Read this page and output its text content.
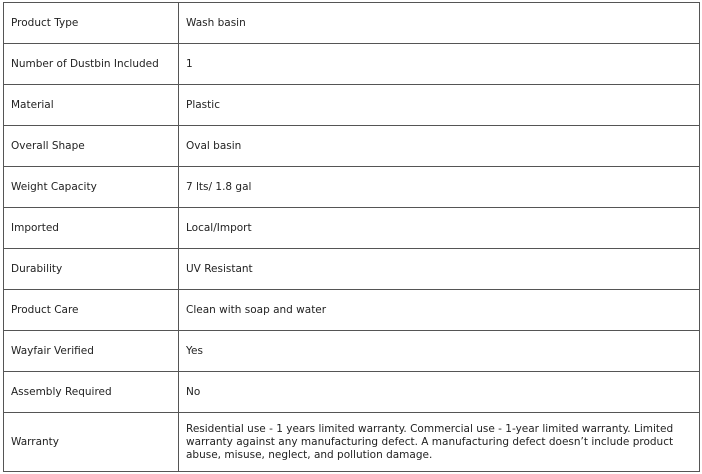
Product Type	Wash basin
Number of Dustbin Included	1
Material	Plastic
Overall Shape	Oval basin
Weight Capacity	7 lts/ 1.8 gal
Imported	Local/Import
Durability	UV Resistant
Product Care	Clean with soap and water
Wayfair Verified	Yes
Assembly Required	No
Warranty	Residential use - 1 years limited warranty. Commercial use - 1-year limited warranty. Limited warranty against any manufacturing defect. A manufacturing defect doesn’t include product abuse, misuse, neglect, and pollution damage.
